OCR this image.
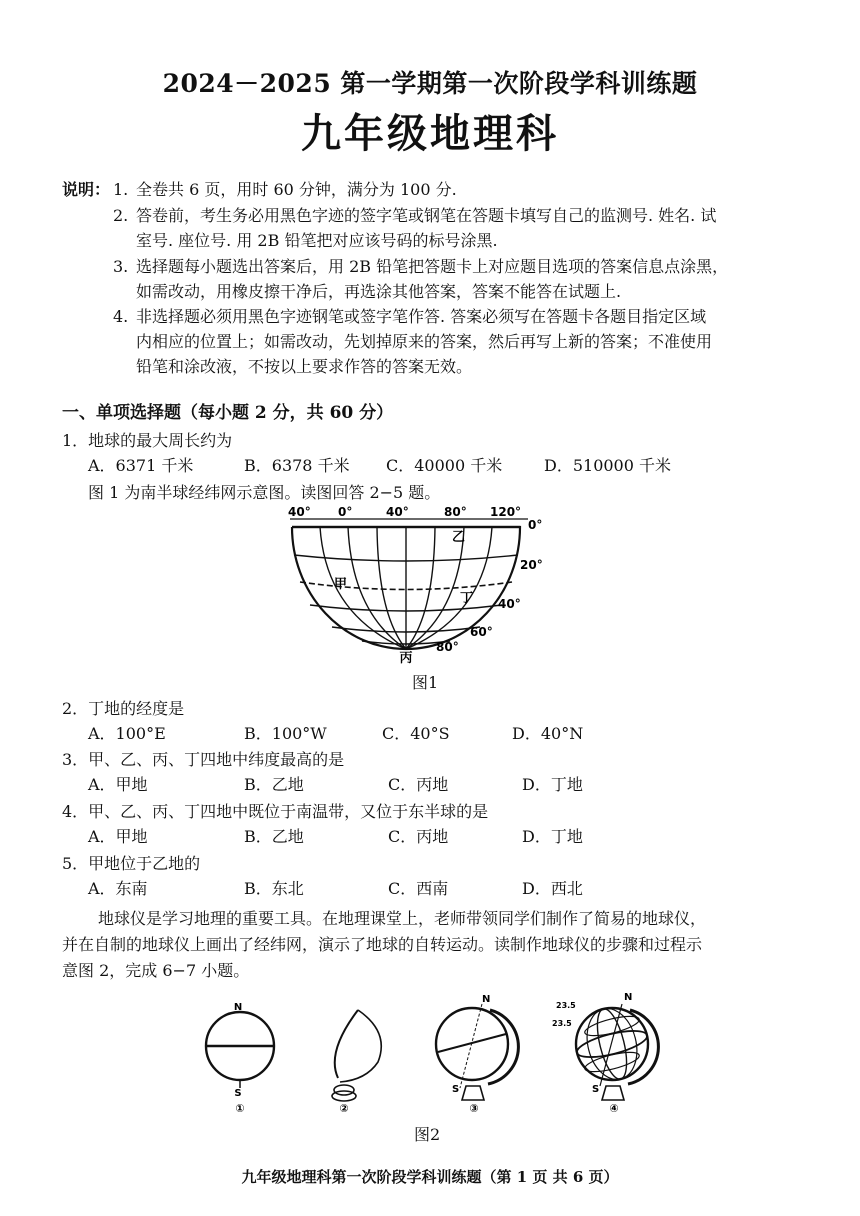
2024－2025 第一学期第一次阶段学科训练题
九年级地理科
说明： 1. 全卷共 6 页，用时 60 分钟，满分为 100 分.
2. 答卷前，考生务必用黑色字迹的签字笔或钢笔在答题卡填写自己的监测号. 姓名. 试
室号. 座位号. 用 2B 铅笔把对应该号码的标号涂黑.
3. 选择题每小题选出答案后，用 2B 铅笔把答题卡上对应题目选项的答案信息点涂黑，
如需改动，用橡皮擦干净后，再选涂其他答案，答案不能答在试题上.
4. 非选择题必须用黑色字迹钢笔或签字笔作答. 答案必须写在答题卡各题目指定区域
内相应的位置上；如需改动，先划掉原来的答案，然后再写上新的答案；不准使用
铅笔和涂改液，不按以上要求作答的答案无效。
一、单项选择题（每小题 2 分，共 60 分）
1．地球的最大周长约为
A．6371 千米	B．6378 千米 C．40000 千米	D．510000 千米
图 1 为南半球经纬网示意图。读图回答 2−5 题。
40° 0°	40°	80° 120°
0°
20°
40°
60°
80°
乙
甲
丁
丙
图1
2．丁地的经度是
A．100°E	B．100°W	C．40°S	D．40°N
3．甲、乙、丙、丁四地中纬度最高的是
A．甲地	B．乙地	C．丙地	D．丁地
4．甲、乙、丙、丁四地中既位于南温带，又位于东半球的是
A．甲地	B．乙地	C．丙地	D．丁地
5．甲地位于乙地的
A．东南	B．东北	C．西南	D．西北
地球仪是学习地理的重要工具。在地理课堂上，老师带领同学们制作了简易的地球仪，
并在自制的地球仪上画出了经纬网，演示了地球的自转运动。读制作地球仪的步骤和过程示
意图 2，完成 6−7 小题。
N
S
①	②
N
S
③
23.5
23.5
N
S
④
图2
九年级地理科第一次阶段学科训练题（第 1 页 共 6 页）
